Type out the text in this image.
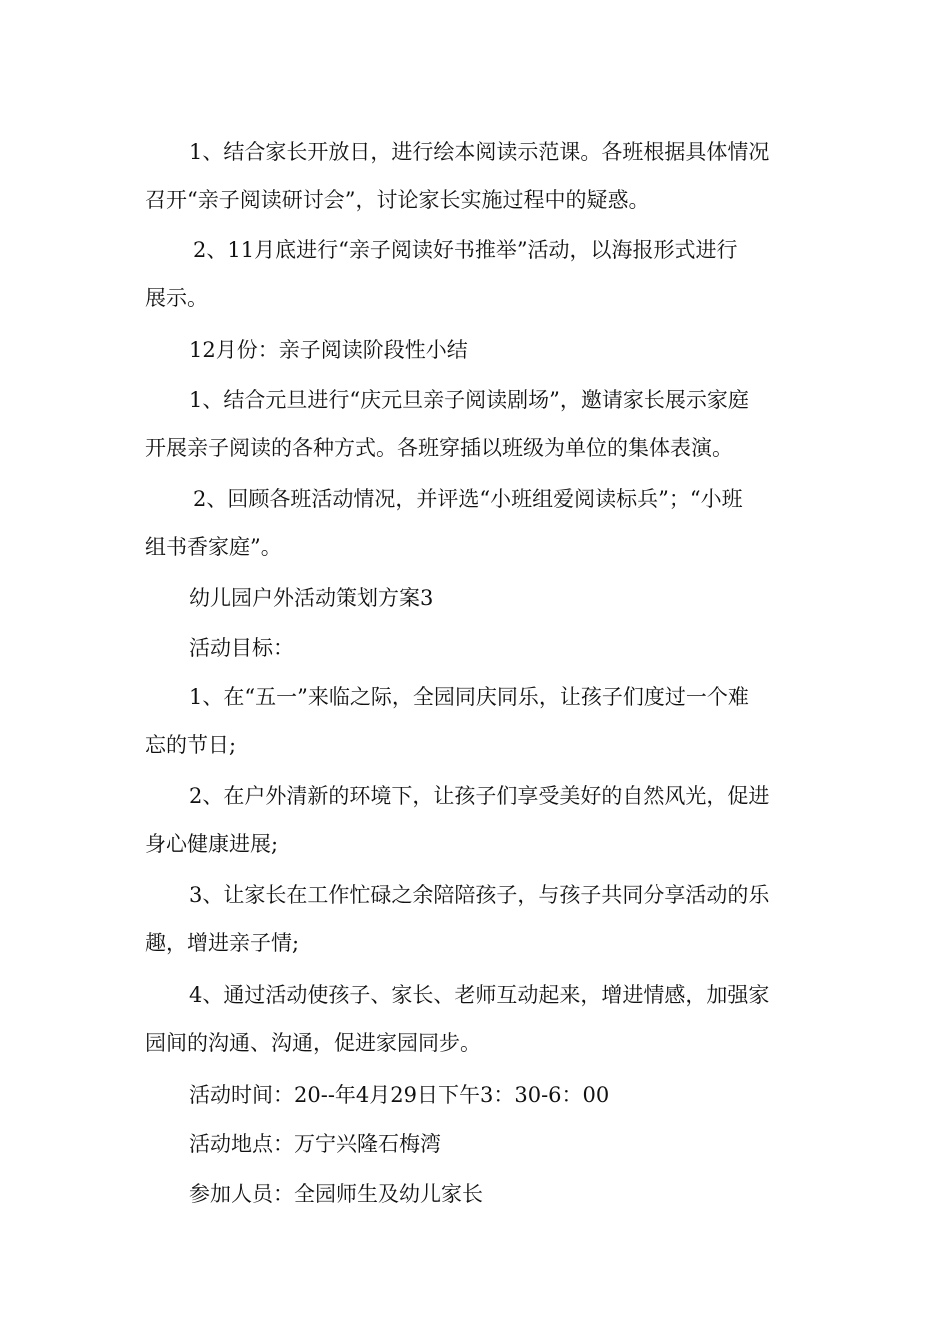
1、结合家长开放日，进行绘本阅读示范课。各班根据具体情况
召开“亲子阅读研讨会”，讨论家长实施过程中的疑惑。
2、11月底进行“亲子阅读好书推举”活动，以海报形式进行
展示。
12月份：亲子阅读阶段性小结
1、结合元旦进行“庆元旦亲子阅读剧场”，邀请家长展示家庭
开展亲子阅读的各种方式。各班穿插以班级为单位的集体表演。
2、回顾各班活动情况，并评选“小班组爱阅读标兵”；“小班
组书香家庭”。
幼儿园户外活动策划方案3
活动目标：
1、在“五一”来临之际，全园同庆同乐，让孩子们度过一个难
忘的节日;
2、在户外清新的环境下，让孩子们享受美好的自然风光，促进
身心健康进展;
3、让家长在工作忙碌之余陪陪孩子，与孩子共同分享活动的乐
趣，增进亲子情;
4、通过活动使孩子、家长、老师互动起来，增进情感，加强家
园间的沟通、沟通，促进家园同步。
活动时间：20--年4月29日下午3：30-6：00
活动地点：万宁兴隆石梅湾
参加人员：全园师生及幼儿家长
